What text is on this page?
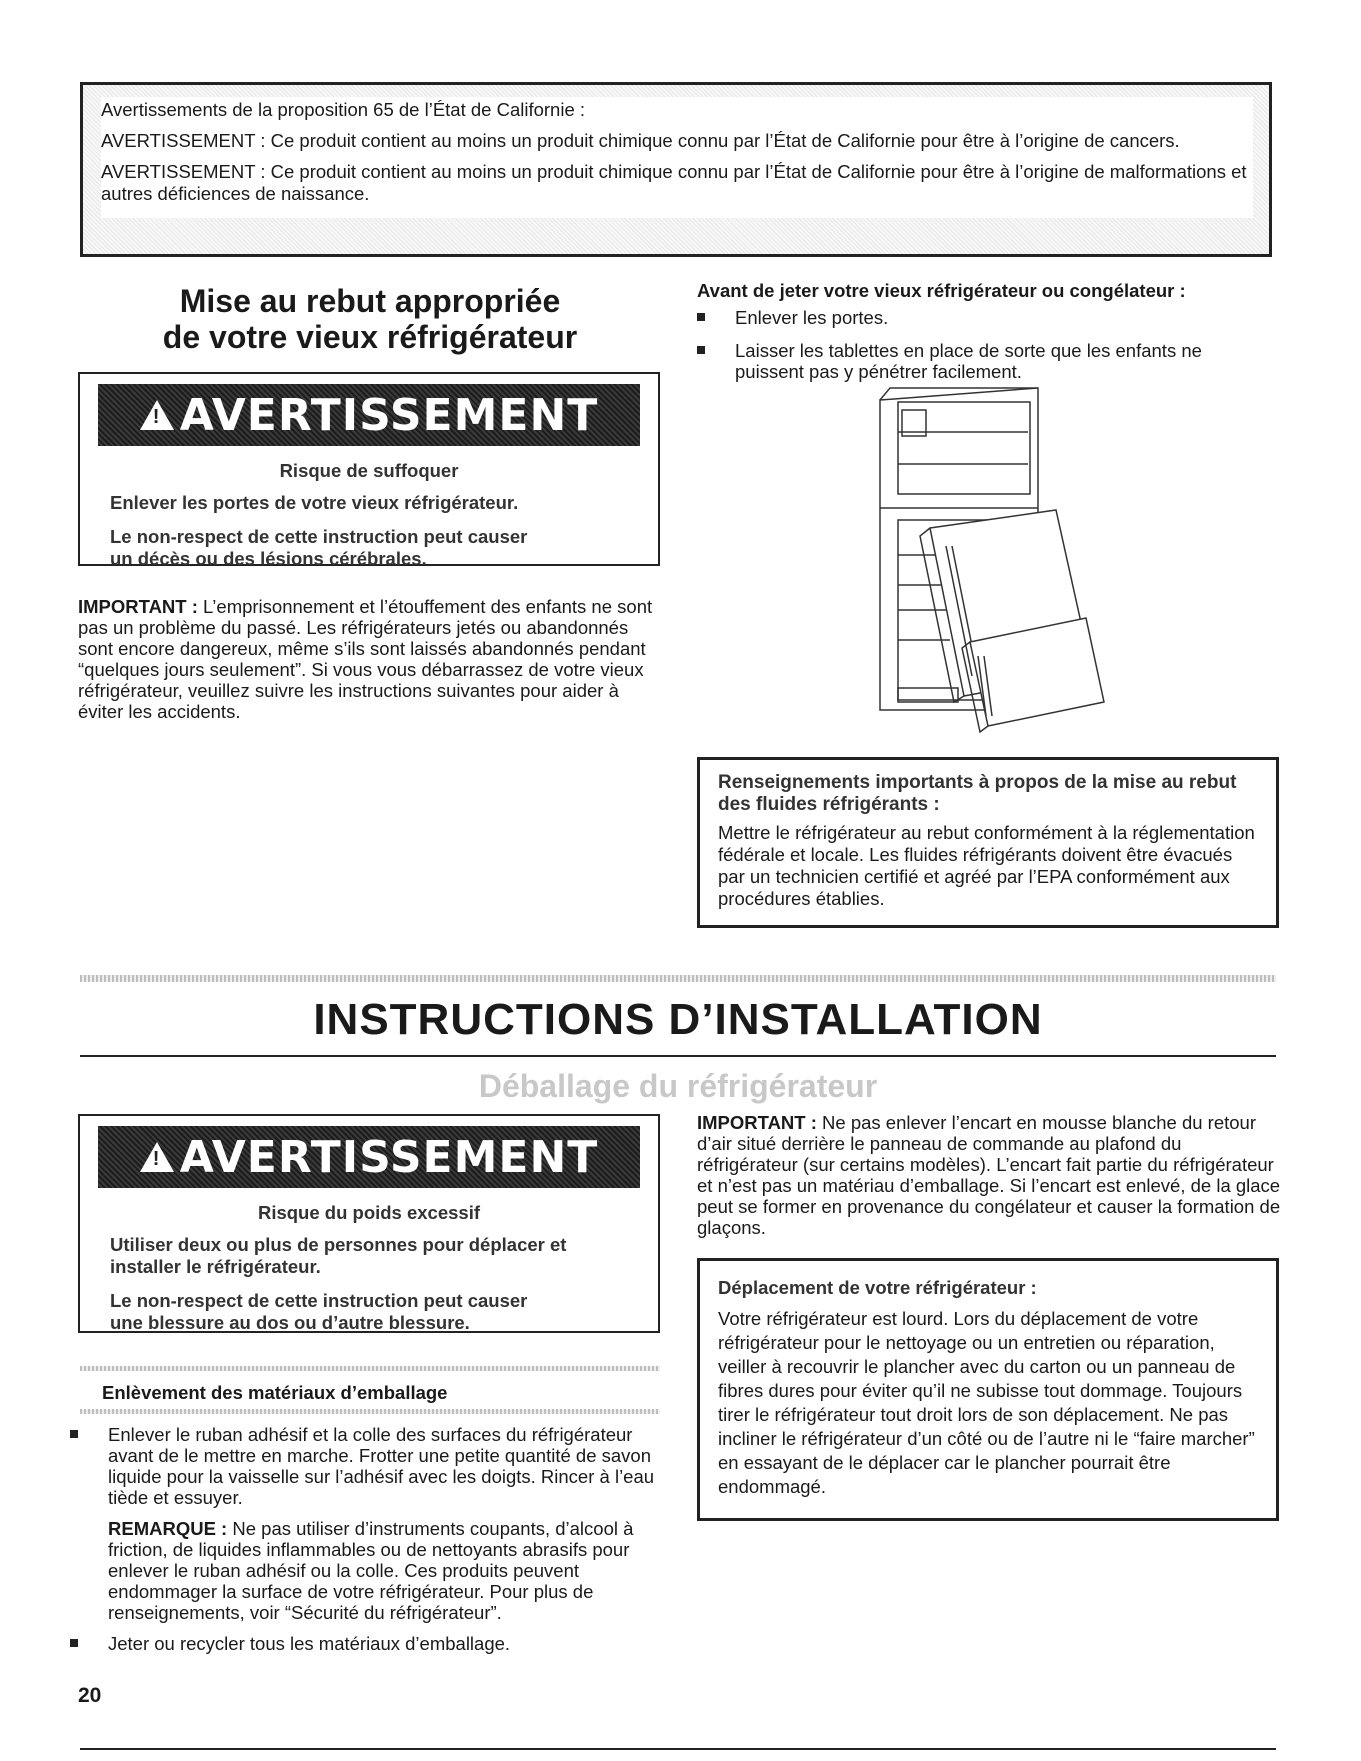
Avertissements de la proposition 65 de l’État de Californie :

AVERTISSEMENT : Ce produit contient au moins un produit chimique connu par l’État de Californie pour être à l’origine de cancers.

AVERTISSEMENT : Ce produit contient au moins un produit chimique connu par l’État de Californie pour être à l’origine de malformations et autres déficiences de naissance.

Mise au rebut appropriée
de votre vieux réfrigérateur
!
AVERTISSEMENT
Risque de suffoquer
Enlever les portes de votre vieux réfrigérateur.
Le non-respect de cette instruction peut causer
un décès ou des lésions cérébrales.

IMPORTANT : L’emprisonnement et l’étouffement des enfants ne sont pas un problème du passé. Les réfrigérateurs jetés ou abandonnés sont encore dangereux, même s’ils sont laissés abandonnés pendant “quelques jours seulement”. Si vous vous débarrassez de votre vieux réfrigérateur, veuillez suivre les instructions suivantes pour aider à éviter les accidents.

Avant de jeter votre vieux réfrigérateur ou congélateur :
Enlever les portes.
Laisser les tablettes en place de sorte que les enfants ne puissent pas y pénétrer facilement.
Renseignements importants à propos de la mise au rebut des fluides réfrigérants :
Mettre le réfrigérateur au rebut conformément à la réglementation fédérale et locale. Les fluides réfrigérants doivent être évacués par un technicien certifié et agréé par l’EPA conformément aux procédures établies.
INSTRUCTIONS D’INSTALLATION
Déballage du réfrigérateur
!
AVERTISSEMENT
Risque du poids excessif
Utiliser deux ou plus de personnes pour déplacer et
installer le réfrigérateur.
Le non-respect de cette instruction peut causer
une blessure au dos ou d’autre blessure.
Enlèvement des matériaux d’emballage
Enlever le ruban adhésif et la colle des surfaces du réfrigérateur avant de le mettre en marche. Frotter une petite quantité de savon liquide pour la vaisselle sur l’adhésif avec les doigts. Rincer à l’eau tiède et essuyer.

REMARQUE : Ne pas utiliser d’instruments coupants, d’alcool à friction, de liquides inflammables ou de nettoyants abrasifs pour enlever le ruban adhésif ou la colle. Ces produits peuvent endommager la surface de votre réfrigérateur. Pour plus de renseignements, voir “Sécurité du réfrigérateur”.

Jeter ou recycler tous les matériaux d’emballage.

IMPORTANT : Ne pas enlever l’encart en mousse blanche du retour d’air situé derrière le panneau de commande au plafond du réfrigérateur (sur certains modèles). L’encart fait partie du réfrigérateur et n’est pas un matériau d’emballage. Si l’encart est enlevé, de la glace peut se former en provenance du congélateur et causer la formation de glaçons.

Déplacement de votre réfrigérateur :
Votre réfrigérateur est lourd. Lors du déplacement de votre réfrigérateur pour le nettoyage ou un entretien ou réparation, veiller à recouvrir le plancher avec du carton ou un panneau de fibres dures pour éviter qu’il ne subisse tout dommage. Toujours tirer le réfrigérateur tout droit lors de son déplacement. Ne pas incliner le réfrigérateur d’un côté ou de l’autre ni le “faire marcher” en essayant de le déplacer car le plancher pourrait être endommagé.
20
